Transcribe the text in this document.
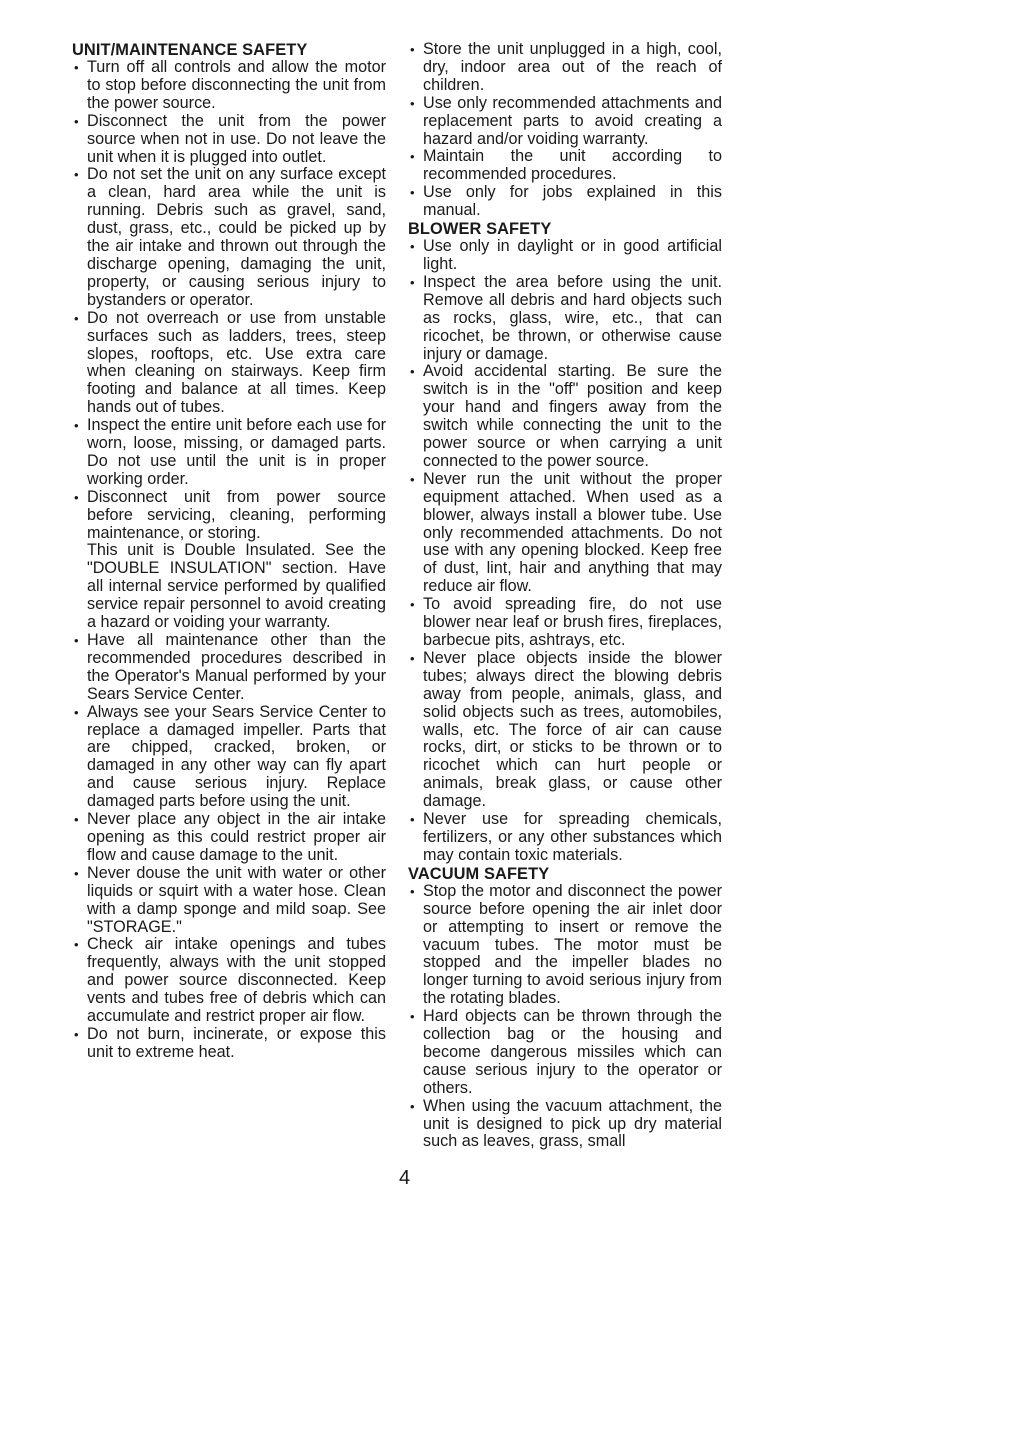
UNIT/MAINTENANCE SAFETY
• Turn off all controls and allow the motor to stop before disconnecting the unit from the power source.
• Disconnect the unit from the power source when not in use. Do not leave the unit when it is plugged into outlet.
• Do not set the unit on any surface except a clean, hard area while the unit is running. Debris such as gravel, sand, dust, grass, etc., could be picked up by the air intake and thrown out through the discharge opening, damaging the unit, property, or causing serious injury to bystanders or operator.
• Do not overreach or use from unstable surfaces such as ladders, trees, steep slopes, rooftops, etc. Use extra care when cleaning on stairways. Keep firm footing and balance at all times. Keep hands out of tubes.
• Inspect the entire unit before each use for worn, loose, missing, or damaged parts. Do not use until the unit is in proper working order.
• Disconnect unit from power source before servicing, cleaning, performing maintenance, or storing.
This unit is Double Insulated. See the "DOUBLE INSULATION" section. Have all internal service performed by qualified service repair personnel to avoid creating a hazard or voiding your warranty.
• Have all maintenance other than the recommended procedures described in the Operator's Manual performed by your Sears Service Center.
• Always see your Sears Service Center to replace a damaged impeller. Parts that are chipped, cracked, broken, or damaged in any other way can fly apart and cause serious injury. Replace damaged parts before using the unit.
• Never place any object in the air intake opening as this could restrict proper air flow and cause damage to the unit.
• Never douse the unit with water or other liquids or squirt with a water hose. Clean with a damp sponge and mild soap. See "STORAGE."
• Check air intake openings and tubes frequently, always with the unit stopped and power source disconnected. Keep vents and tubes free of debris which can accumulate and restrict proper air flow.
• Do not burn, incinerate, or expose this unit to extreme heat.
• Store the unit unplugged in a high, cool, dry, indoor area out of the reach of children.
• Use only recommended attachments and replacement parts to avoid creating a hazard and/or voiding warranty.
• Maintain the unit according to recommended procedures.
• Use only for jobs explained in this manual.
BLOWER SAFETY
• Use only in daylight or in good artificial light.
• Inspect the area before using the unit. Remove all debris and hard objects such as rocks, glass, wire, etc., that can ricochet, be thrown, or otherwise cause injury or damage.
• Avoid accidental starting. Be sure the switch is in the "off" position and keep your hand and fingers away from the switch while connecting the unit to the power source or when carrying a unit connected to the power source.
• Never run the unit without the proper equipment attached. When used as a blower, always install a blower tube. Use only recommended attachments. Do not use with any opening blocked. Keep free of dust, lint, hair and anything that may reduce air flow.
• To avoid spreading fire, do not use blower near leaf or brush fires, fireplaces, barbecue pits, ashtrays, etc.
• Never place objects inside the blower tubes; always direct the blowing debris away from people, animals, glass, and solid objects such as trees, automobiles, walls, etc. The force of air can cause rocks, dirt, or sticks to be thrown or to ricochet which can hurt people or animals, break glass, or cause other damage.
• Never use for spreading chemicals, fertilizers, or any other substances which may contain toxic materials.
VACUUM SAFETY
• Stop the motor and disconnect the power source before opening the air inlet door or attempting to insert or remove the vacuum tubes. The motor must be stopped and the impeller blades no longer turning to avoid serious injury from the rotating blades.
• Hard objects can be thrown through the collection bag or the housing and become dangerous missiles which can cause serious injury to the operator or others.
• When using the vacuum attachment, the unit is designed to pick up dry material such as leaves, grass, small
4
